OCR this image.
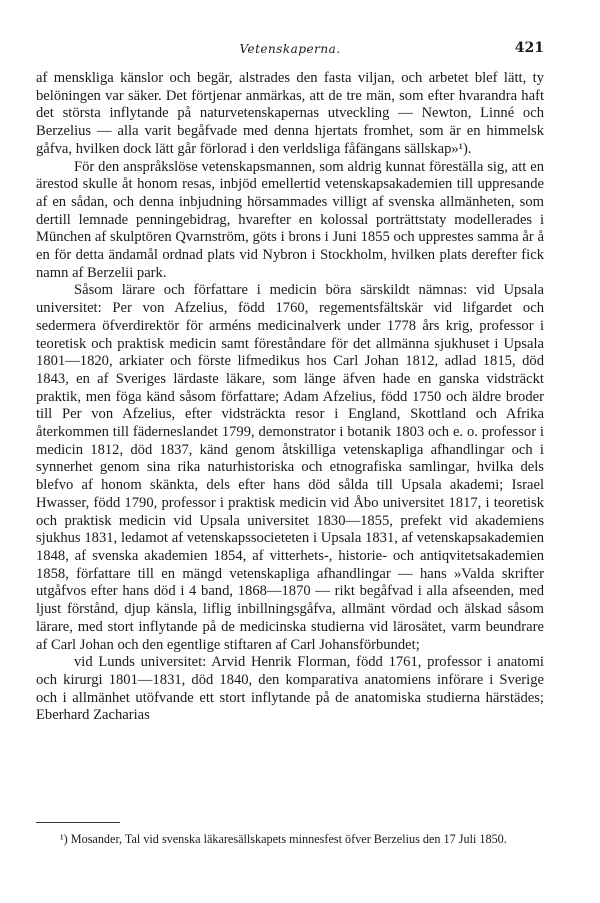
Vetenskaperna.	421

af menskliga känslor och begär, alstrades den fasta viljan, och arbetet blef lätt, ty belöningen var säker. Det förtjenar anmärkas, att de tre män, som efter hvarandra haft det största inflytande på naturvetenskapernas utveckling — Newton, Linné och Berzelius — alla varit begåfvade med denna hjertats fromhet, som är en himmelsk gåfva, hvilken dock lätt går förlorad i den verldsliga fåfängans sällskap»¹).

För den anspråkslöse vetenskapsmannen, som aldrig kunnat föreställa sig, att en ärestod skulle åt honom resas, inbjöd emellertid vetenskapsakademien till uppresande af en sådan, och denna inbjudning hörsammades villigt af svenska allmänheten, som dertill lemnade penningebidrag, hvarefter en kolossal porträttstaty modellerades i München af skulptören Qvarnström, göts i brons i Juni 1855 och upprestes samma år å en för detta ändamål ordnad plats vid Nybron i Stockholm, hvilken plats derefter fick namn af Berzelii park.

Såsom lärare och författare i medicin böra särskildt nämnas: vid Upsala universitet: Per von Afzelius, född 1760, regementsfältskär vid lifgardet och sedermera öfverdirektör för arméns medicinalverk under 1778 års krig, professor i teoretisk och praktisk medicin samt föreståndare för det allmänna sjukhuset i Upsala 1801—1820, arkiater och förste lifmedikus hos Carl Johan 1812, adlad 1815, död 1843, en af Sveriges lärdaste läkare, som länge äfven hade en ganska vidsträckt praktik, men föga känd såsom författare; Adam Afzelius, född 1750 och äldre broder till Per von Afzelius, efter vidsträckta resor i England, Skottland och Afrika återkommen till fäderneslandet 1799, demonstrator i botanik 1803 och e. o. professor i medicin 1812, död 1837, känd genom åtskilliga vetenskapliga afhandlingar och i synnerhet genom sina rika naturhistoriska och etnografiska samlingar, hvilka dels blefvo af honom skänkta, dels efter hans död sålda till Upsala akademi; Israel Hwasser, född 1790, professor i praktisk medicin vid Åbo universitet 1817, i teoretisk och praktisk medicin vid Upsala universitet 1830—1855, prefekt vid akademiens sjukhus 1831, ledamot af vetenskapssocieteten i Upsala 1831, af vetenskapsakademien 1848, af svenska akademien 1854, af vitterhets-, historie- och antiqvitetsakademien 1858, författare till en mängd vetenskapliga afhandlingar — hans »Valda skrifter utgåfvos efter hans död i 4 band, 1868—1870 — rikt begåfvad i alla afseenden, med ljust förstånd, djup känsla, liflig inbillningsgåfva, allmänt vördad och älskad såsom lärare, med stort inflytande på de medicinska studierna vid lärosätet, varm beundrare af Carl Johan och den egentlige stiftaren af Carl Johansförbundet;

vid Lunds universitet: Arvid Henrik Florman, född 1761, professor i anatomi och kirurgi 1801—1831, död 1840, den komparativa anatomiens införare i Sverige och i allmänhet utöfvande ett stort inflytande på de anatomiska studierna härstädes; Eberhard Zacharias

¹) Mosander, Tal vid svenska läkaresällskapets minnesfest öfver Berzelius den 17 Juli 1850.
